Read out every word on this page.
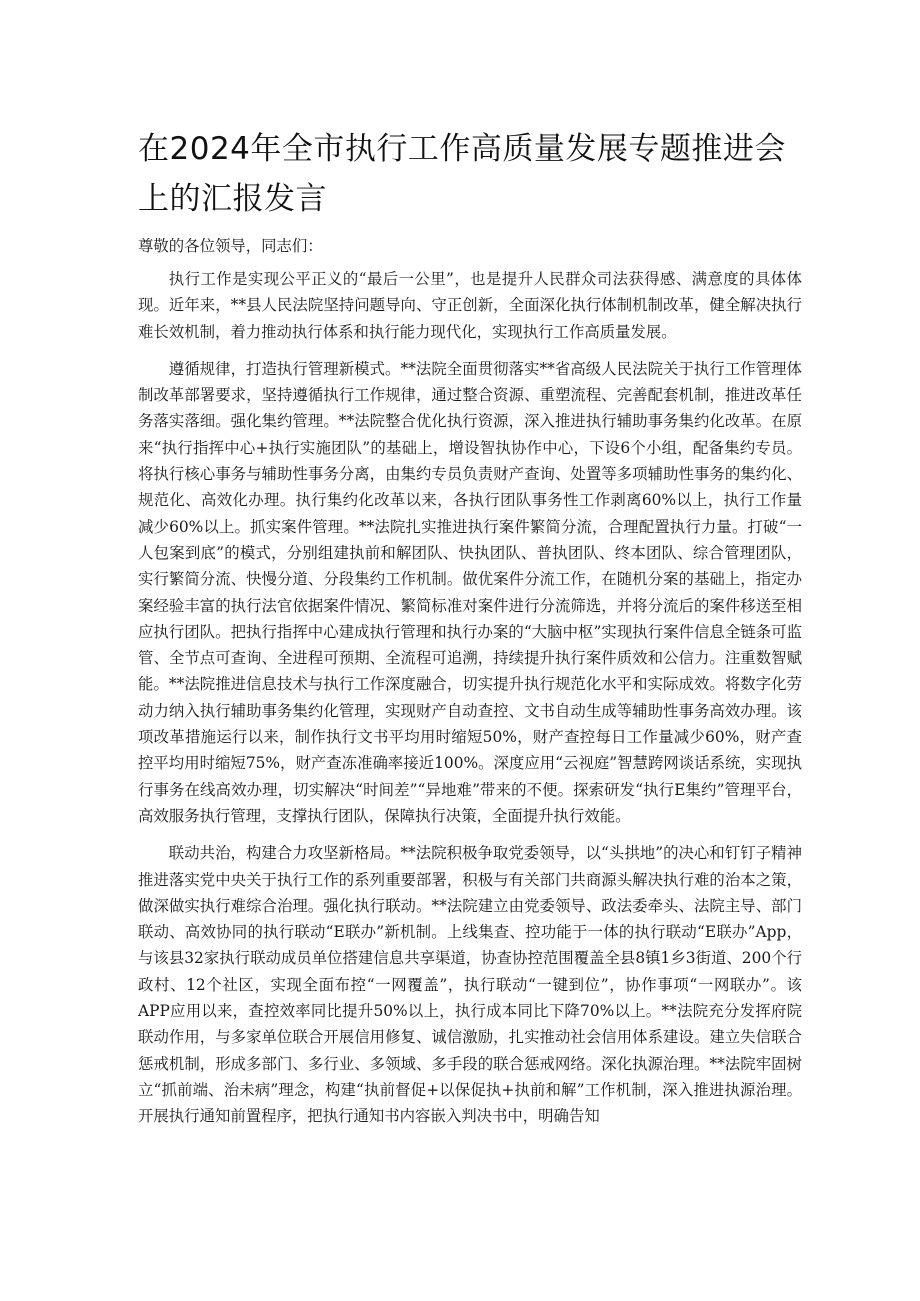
在2024年全市执行工作高质量发展专题推进会上的汇报发言

尊敬的各位领导，同志们：

执行工作是实现公平正义的“最后一公里”，也是提升人民群众司法获得感、满意度的具体体现。近年来，**县人民法院坚持问题导向、守正创新，全面深化执行体制机制改革，健全解决执行难长效机制，着力推动执行体系和执行能力现代化，实现执行工作高质量发展。

遵循规律，打造执行管理新模式。**法院全面贯彻落实**省高级人民法院关于执行工作管理体制改革部署要求，坚持遵循执行工作规律，通过整合资源、重塑流程、完善配套机制，推进改革任务落实落细。强化集约管理。**法院整合优化执行资源，深入推进执行辅助事务集约化改革。在原来“执行指挥中心+执行实施团队”的基础上，增设智执协作中心，下设6个小组，配备集约专员。将执行核心事务与辅助性事务分离，由集约专员负责财产查询、处置等多项辅助性事务的集约化、规范化、高效化办理。执行集约化改革以来，各执行团队事务性工作剥离60%以上，执行工作量减少60%以上。抓实案件管理。**法院扎实推进执行案件繁简分流，合理配置执行力量。打破“一人包案到底”的模式，分别组建执前和解团队、快执团队、普执团队、终本团队、综合管理团队，实行繁简分流、快慢分道、分段集约工作机制。做优案件分流工作，在随机分案的基础上，指定办案经验丰富的执行法官依据案件情况、繁简标准对案件进行分流筛选，并将分流后的案件移送至相应执行团队。把执行指挥中心建成执行管理和执行办案的“大脑中枢”实现执行案件信息全链条可监管、全节点可查询、全进程可预期、全流程可追溯，持续提升执行案件质效和公信力。注重数智赋能。**法院推进信息技术与执行工作深度融合，切实提升执行规范化水平和实际成效。将数字化劳动力纳入执行辅助事务集约化管理，实现财产自动查控、文书自动生成等辅助性事务高效办理。该项改革措施运行以来，制作执行文书平均用时缩短50%，财产查控每日工作量减少60%，财产查控平均用时缩短75%，财产查冻准确率接近100%。深度应用“云视庭”智慧跨网谈话系统，实现执行事务在线高效办理，切实解决“时间差”“异地难”带来的不便。探索研发“执行E集约”管理平台，高效服务执行管理，支撑执行团队，保障执行决策，全面提升执行效能。

联动共治，构建合力攻坚新格局。**法院积极争取党委领导，以“头拱地”的决心和钉钉子精神推进落实党中央关于执行工作的系列重要部署，积极与有关部门共商源头解决执行难的治本之策，做深做实执行难综合治理。强化执行联动。**法院建立由党委领导、政法委牵头、法院主导、部门联动、高效协同的执行联动“E联办”新机制。上线集查、控功能于一体的执行联动“E联办”App，与该县32家执行联动成员单位搭建信息共享渠道，协查协控范围覆盖全县8镇1乡3街道、200个行政村、12个社区，实现全面布控“一网覆盖”，执行联动“一键到位”，协作事项“一网联办”。该APP应用以来，查控效率同比提升50%以上，执行成本同比下降70%以上。**法院充分发挥府院联动作用，与多家单位联合开展信用修复、诚信激励，扎实推动社会信用体系建设。建立失信联合惩戒机制，形成多部门、多行业、多领域、多手段的联合惩戒网络。深化执源治理。**法院牢固树立“抓前端、治未病”理念，构建“执前督促+以保促执+执前和解”工作机制，深入推进执源治理。开展执行通知前置程序，把执行通知书内容嵌入判决书中，明确告知
